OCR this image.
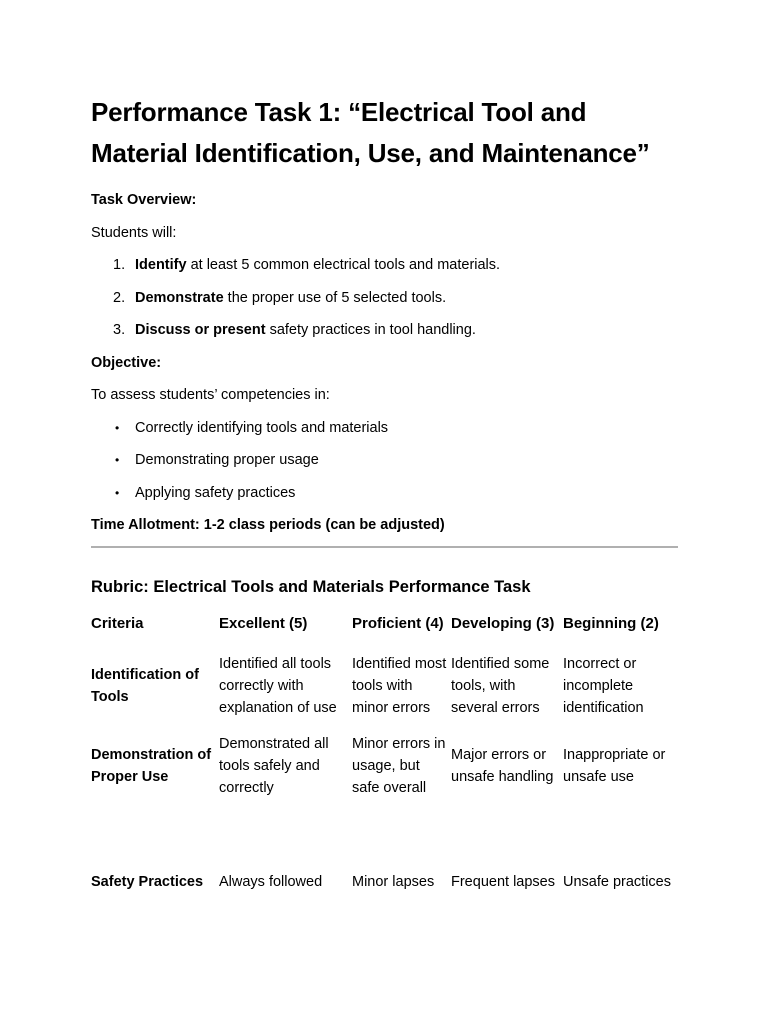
Performance Task 1: “Electrical Tool and Material Identification, Use, and Maintenance”

Task Overview:

Students will:

1. Identify at least 5 common electrical tools and materials.
2. Demonstrate the proper use of 5 selected tools.
3. Discuss or present safety practices in tool handling.

Objective:

To assess students’ competencies in:

• Correctly identifying tools and materials
• Demonstrating proper usage
• Applying safety practices

Time Allotment: 1-2 class periods (can be adjusted)

Rubric: Electrical Tools and Materials Performance Task
Criteria	Excellent (5)	Proficient (4)	Developing (3)	Beginning (2)
Identification of Tools	Identified all tools correctly with explanation of use	Identified most tools with minor errors	Identified some tools, with several errors	Incorrect or incomplete identification
Demonstration of Proper Use	Demonstrated all tools safely and correctly	Minor errors in usage, but safe overall	Major errors or unsafe handling	Inappropriate or unsafe use
Safety Practices	Always followed	Minor lapses	Frequent lapses	Unsafe practices
